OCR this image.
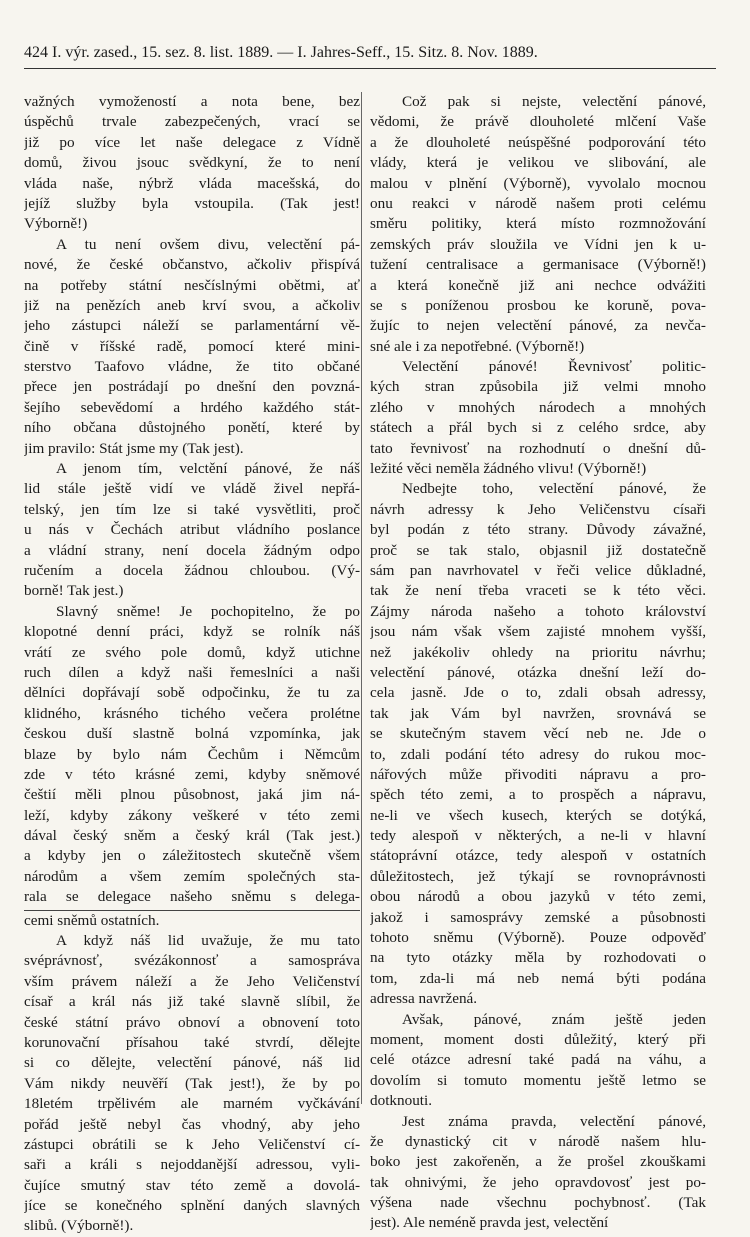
424 I. výr. zased., 15. sez. 8. list. 1889. — I. Jahres-Seff., 15. Sitz. 8. Nov. 1889.
važných vymožeností a nota bene, bez
úspěchů trvale zabezpečených, vrací se
již po více let naše delegace z Vídně
domů, živou jsouc svědkyní, že to není
vláda naše, nýbrž vláda macešská, do
jejíž služby byla vstoupila. (Tak jest!
Výborně!)
A tu není ovšem divu, velectění pá-
nové, že české občanstvo, ačkoliv přispívá
na potřeby státní nesčíslnými obětmi, ať
již na penězích aneb krví svou, a ačkoliv
jeho zástupci náleží se parlamentární vě-
čině v říšské radě, pomocí které mini-
sterstvo Taafovo vládne, že tito občané
přece jen postrádají po dnešní den povzná-
šejího sebevědomí a hrdého každého stát-
ního občana důstojného ponětí, které by
jim pravilo: Stát jsme my (Tak jest).
A jenom tím, velctění pánové, že náš
lid stále ještě vidí ve vládě živel nepřá-
telský, jen tím lze si také vysvětliti, proč
u nás v Čechách atribut vládního poslance
a vládní strany, není docela žádným odpo
ručením a docela žádnou chloubou. (Vý-
borně! Tak jest.)
Slavný sněme! Je pochopitelno, že po
klopotné denní práci, když se rolník náš
vrátí ze svého pole domů, když utichne
ruch dílen a když naši řemeslníci a naši
dělníci dopřávají sobě odpočinku, že tu za
klidného, krásného tichého večera prolétne
českou duší slastně bolná vzpomínka, jak
blaze by bylo nám Čechům i Němcům
zde v této krásné zemi, kdyby sněmové
češtií měli plnou působnost, jaká jim ná-
leží, kdyby zákony veškeré v této zemi
dával český sněm a český král (Tak jest.)
a kdyby jen o záležitostech skutečně všem
národům a všem zemím společných sta-
rala se delegace našeho sněmu s delega-
cemi sněmů ostatních.
A když náš lid uvažuje, že mu tato
svéprávnosť, svézákonnosť a samospráva
vším právem náleží a že Jeho Veličenství
císař a král nás již také slavně slíbil, že
české státní právo obnoví a obnovení toto
korunovační přísahou také stvrdí, dělejte
si co dělejte, velectění pánové, náš lid
Vám nikdy neuvěří (Tak jest!), že by po
18letém trpělivém ale marném vyčkávání
pořád ještě nebyl čas vhodný, aby jeho
zástupci obrátili se k Jeho Veličenství cí-
saři a králi s nejoddanější adressou, vyli-
čujíce smutný stav této země a dovolá-
jíce se konečného splnění daných slavných
slibů. (Výborně!).
Což pak si nejste, velectění pánové,
vědomi, že právě dlouholeté mlčení Vaše
a že dlouholeté neúspěšné podporování této
vlády, která je velikou ve slibování, ale
malou v plnění (Výborně), vyvolalo mocnou
onu reakci v národě našem proti celému
směru politiky, která místo rozmnožování
zemských práv sloužila ve Vídni jen k u-
tužení centralisace a germanisace (Výborně!)
a která konečně již ani nechce odvážiti
se s poníženou prosbou ke koruně, pova-
žujíc to nejen velectění pánové, za nevča-
sné ale i za nepotřebné. (Výborně!)
Velectění pánové! Řevnivosť politic-
kých stran způsobila již velmi mnoho
zlého v mnohých národech a mnohých
státech a přál bych si z celého srdce, aby
tato řevnivosť na rozhodnutí o dnešní dů-
ležité věci neměla žádného vlivu! (Výborně!)
Nedbejte toho, velectění pánové, že
návrh adressy k Jeho Veličenstvu císaři
byl podán z této strany. Důvody závažné,
proč se tak stalo, objasnil již dostatečně
sám pan navrhovatel v řeči velice důkladné,
tak že není třeba vraceti se k této věci.
Zájmy národa našeho a tohoto království
jsou nám však všem zajisté mnohem vyšší,
než jakékoliv ohledy na prioritu návrhu;
velectění pánové, otázka dnešní leží do-
cela jasně. Jde o to, zdali obsah adressy,
tak jak Vám byl navržen, srovnává se
se skutečným stavem věcí neb ne. Jde o
to, zdali podání této adresy do rukou moc-
nářových může přivoditi nápravu a pro-
spěch této zemi, a to prospěch a nápravu,
ne-li ve všech kusech, kterých se dotýká,
tedy alespoň v některých, a ne-li v hlavní
státoprávní otázce, tedy alespoň v ostatních
důležitostech, jež týkají se rovnoprávnosti
obou národů a obou jazyků v této zemi,
jakož i samosprávy zemské a působnosti
tohoto sněmu (Výborně). Pouze odpověď
na tyto otázky měla by rozhodovati o
tom, zda-li má neb nemá býti podána
adressa navržená.
Avšak, pánové, znám ještě jeden
moment, moment dosti důležitý, který při
celé otázce adresní také padá na váhu, a
dovolím si tomuto momentu ještě letmo se
dotknouti.
Jest známa pravda, velectění pánové,
že dynastický cit v národě našem hlu-
boko jest zakořeněn, a že prošel zkouškami
tak ohnivými, že jeho opravdovosť jest po-
výšena nade všechnu pochybnosť. (Tak
jest). Ale neméně pravda jest, velectění
